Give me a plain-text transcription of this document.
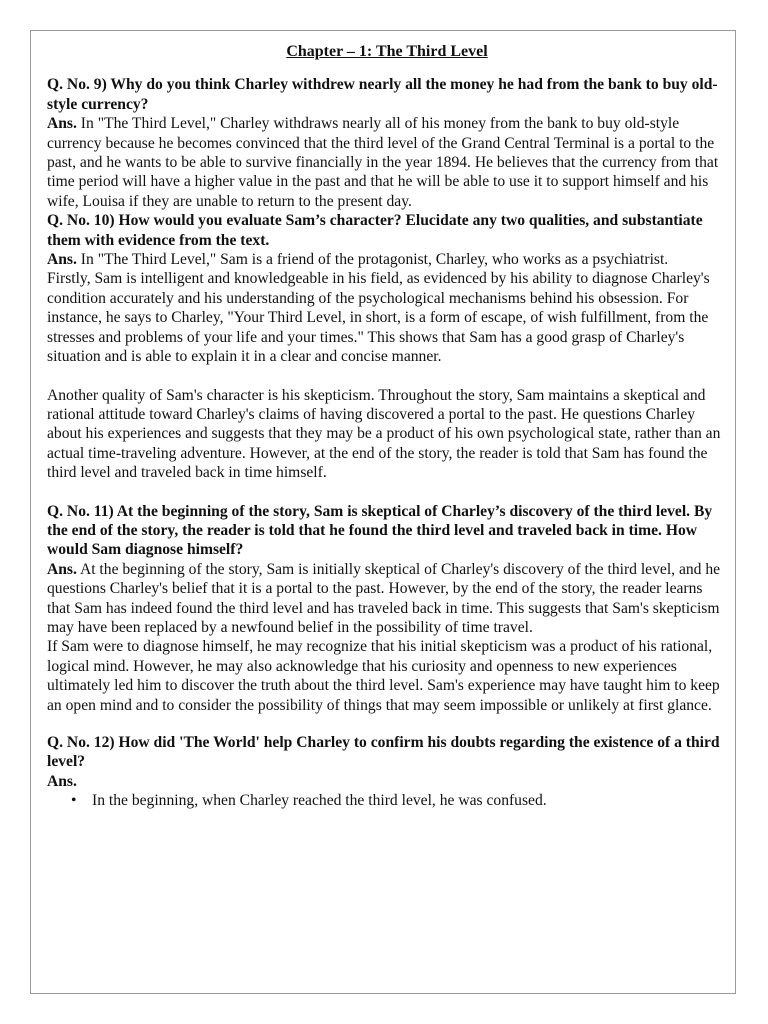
Chapter – 1: The Third Level

Q. No. 9) Why do you think Charley withdrew nearly all the money he had from the bank to buy old-style currency?

Ans. In "The Third Level," Charley withdraws nearly all of his money from the bank to buy old-style currency because he becomes convinced that the third level of the Grand Central Terminal is a portal to the past, and he wants to be able to survive financially in the year 1894. He believes that the currency from that time period will have a higher value in the past and that he will be able to use it to support himself and his wife, Louisa if they are unable to return to the present day.

Q. No. 10) How would you evaluate Sam’s character? Elucidate any two qualities, and substantiate them with evidence from the text.

Ans. In "The Third Level," Sam is a friend of the protagonist, Charley, who works as a psychiatrist.

Firstly, Sam is intelligent and knowledgeable in his field, as evidenced by his ability to diagnose Charley's condition accurately and his understanding of the psychological mechanisms behind his obsession. For instance, he says to Charley, "Your Third Level, in short, is a form of escape, of wish fulfillment, from the stresses and problems of your life and your times." This shows that Sam has a good grasp of Charley's situation and is able to explain it in a clear and concise manner.

Another quality of Sam's character is his skepticism. Throughout the story, Sam maintains a skeptical and rational attitude toward Charley's claims of having discovered a portal to the past. He questions Charley about his experiences and suggests that they may be a product of his own psychological state, rather than an actual time-traveling adventure. However, at the end of the story, the reader is told that Sam has found the third level and traveled back in time himself.

Q. No. 11) At the beginning of the story, Sam is skeptical of Charley’s discovery of the third level. By the end of the story, the reader is told that he found the third level and traveled back in time. How would Sam diagnose himself?

Ans. At the beginning of the story, Sam is initially skeptical of Charley's discovery of the third level, and he questions Charley's belief that it is a portal to the past. However, by the end of the story, the reader learns that Sam has indeed found the third level and has traveled back in time. This suggests that Sam's skepticism may have been replaced by a newfound belief in the possibility of time travel.

If Sam were to diagnose himself, he may recognize that his initial skepticism was a product of his rational, logical mind. However, he may also acknowledge that his curiosity and openness to new experiences ultimately led him to discover the truth about the third level. Sam's experience may have taught him to keep an open mind and to consider the possibility of things that may seem impossible or unlikely at first glance.

Q. No. 12) How did 'The World' help Charley to confirm his doubts regarding the existence of a third level?

Ans.

• In the beginning, when Charley reached the third level, he was confused.
